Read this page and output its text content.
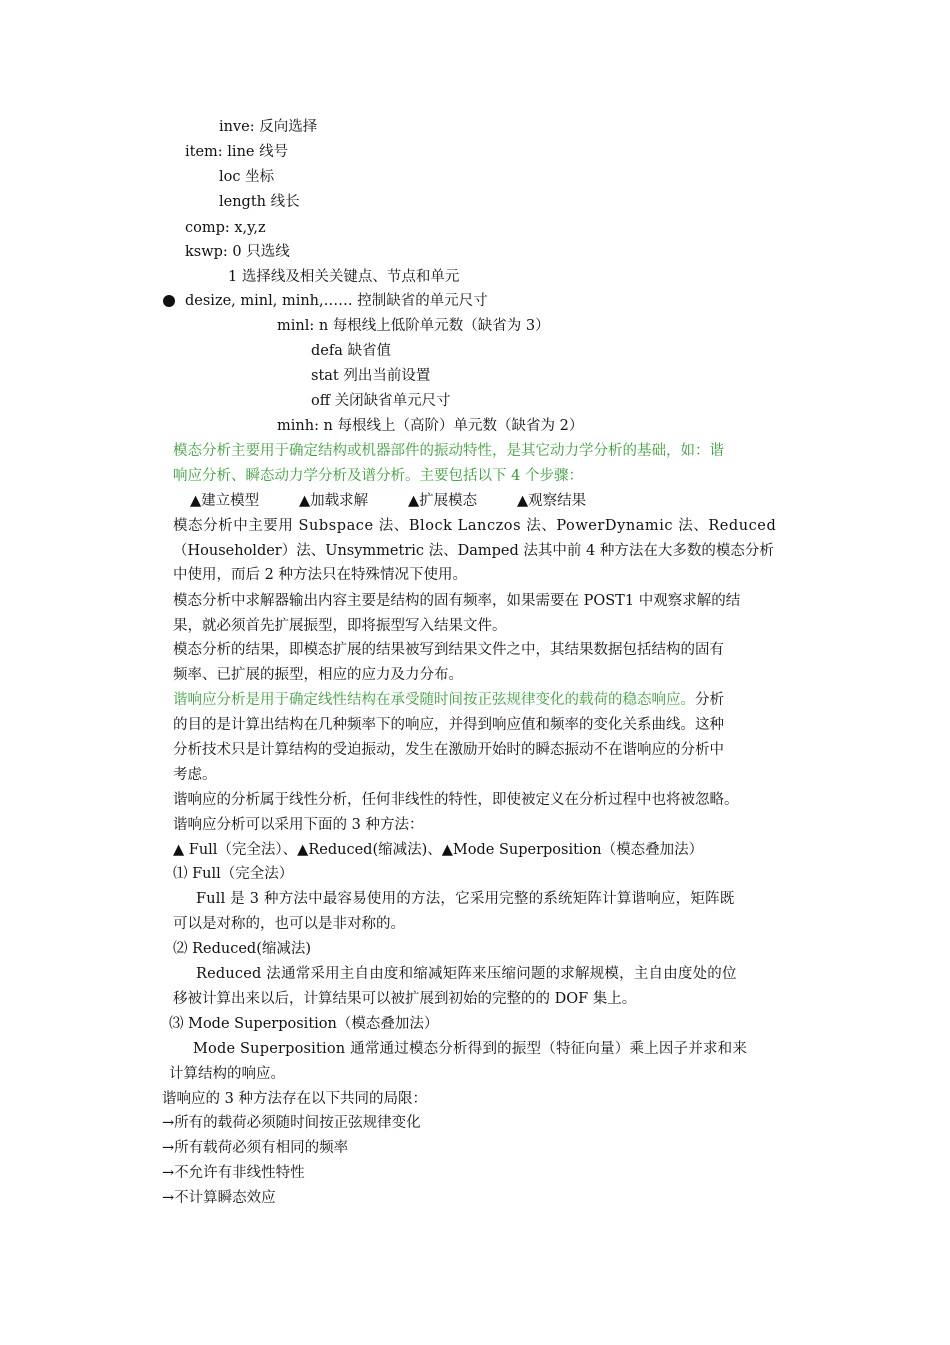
inve: 反向选择
item: line 线号
loc 坐标
length 线长
comp: x,y,z
kswp: 0 只选线
1 选择线及相关关键点、节点和单元
desize, minl, minh,…… 控制缺省的单元尺寸
minl: n 每根线上低阶单元数（缺省为 3）
defa 缺省值
stat 列出当前设置
off 关闭缺省单元尺寸
minh: n 每根线上（高阶）单元数（缺省为 2）
模态分析主要用于确定结构或机器部件的振动特性，是其它动力学分析的基础，如：谐
响应分析、瞬态动力学分析及谱分析。主要包括以下 4 个步骤：
▲建立模型	▲加载求解	▲扩展模态	▲观察结果
模态分析中主要用 Subspace 法、Block Lanczos 法、PowerDynamic 法、Reduced
（Householder）法、Unsymmetric 法、Damped 法其中前 4 种方法在大多数的模态分析
中使用，而后 2 种方法只在特殊情况下使用。
模态分析中求解器输出内容主要是结构的固有频率，如果需要在 POST1 中观察求解的结
果，就必须首先扩展振型，即将振型写入结果文件。
模态分析的结果，即模态扩展的结果被写到结果文件之中，其结果数据包括结构的固有
频率、已扩展的振型，相应的应力及力分布。
谐响应分析是用于确定线性结构在承受随时间按正弦规律变化的载荷的稳态响应。分析
的目的是计算出结构在几种频率下的响应，并得到响应值和频率的变化关系曲线。这种
分析技术只是计算结构的受迫振动，发生在激励开始时的瞬态振动不在谐响应的分析中
考虑。
谐响应的分析属于线性分析，任何非线性的特性，即使被定义在分析过程中也将被忽略。
谐响应分析可以采用下面的 3 种方法：
▲ Full（完全法）、▲Reduced(缩减法)、▲Mode Superposition（模态叠加法）
⑴ Full（完全法）
Full 是 3 种方法中最容易使用的方法，它采用完整的系统矩阵计算谐响应，矩阵既
可以是对称的，也可以是非对称的。
⑵ Reduced(缩减法)
Reduced 法通常采用主自由度和缩减矩阵来压缩问题的求解规模，主自由度处的位
移被计算出来以后，计算结果可以被扩展到初始的完整的的 DOF 集上。
⑶ Mode Superposition（模态叠加法）
Mode Superposition 通常通过模态分析得到的振型（特征向量）乘上因子并求和来
计算结构的响应。
谐响应的 3 种方法存在以下共同的局限：
→所有的载荷必须随时间按正弦规律变化
→所有载荷必须有相同的频率
→不允许有非线性特性
→不计算瞬态效应
